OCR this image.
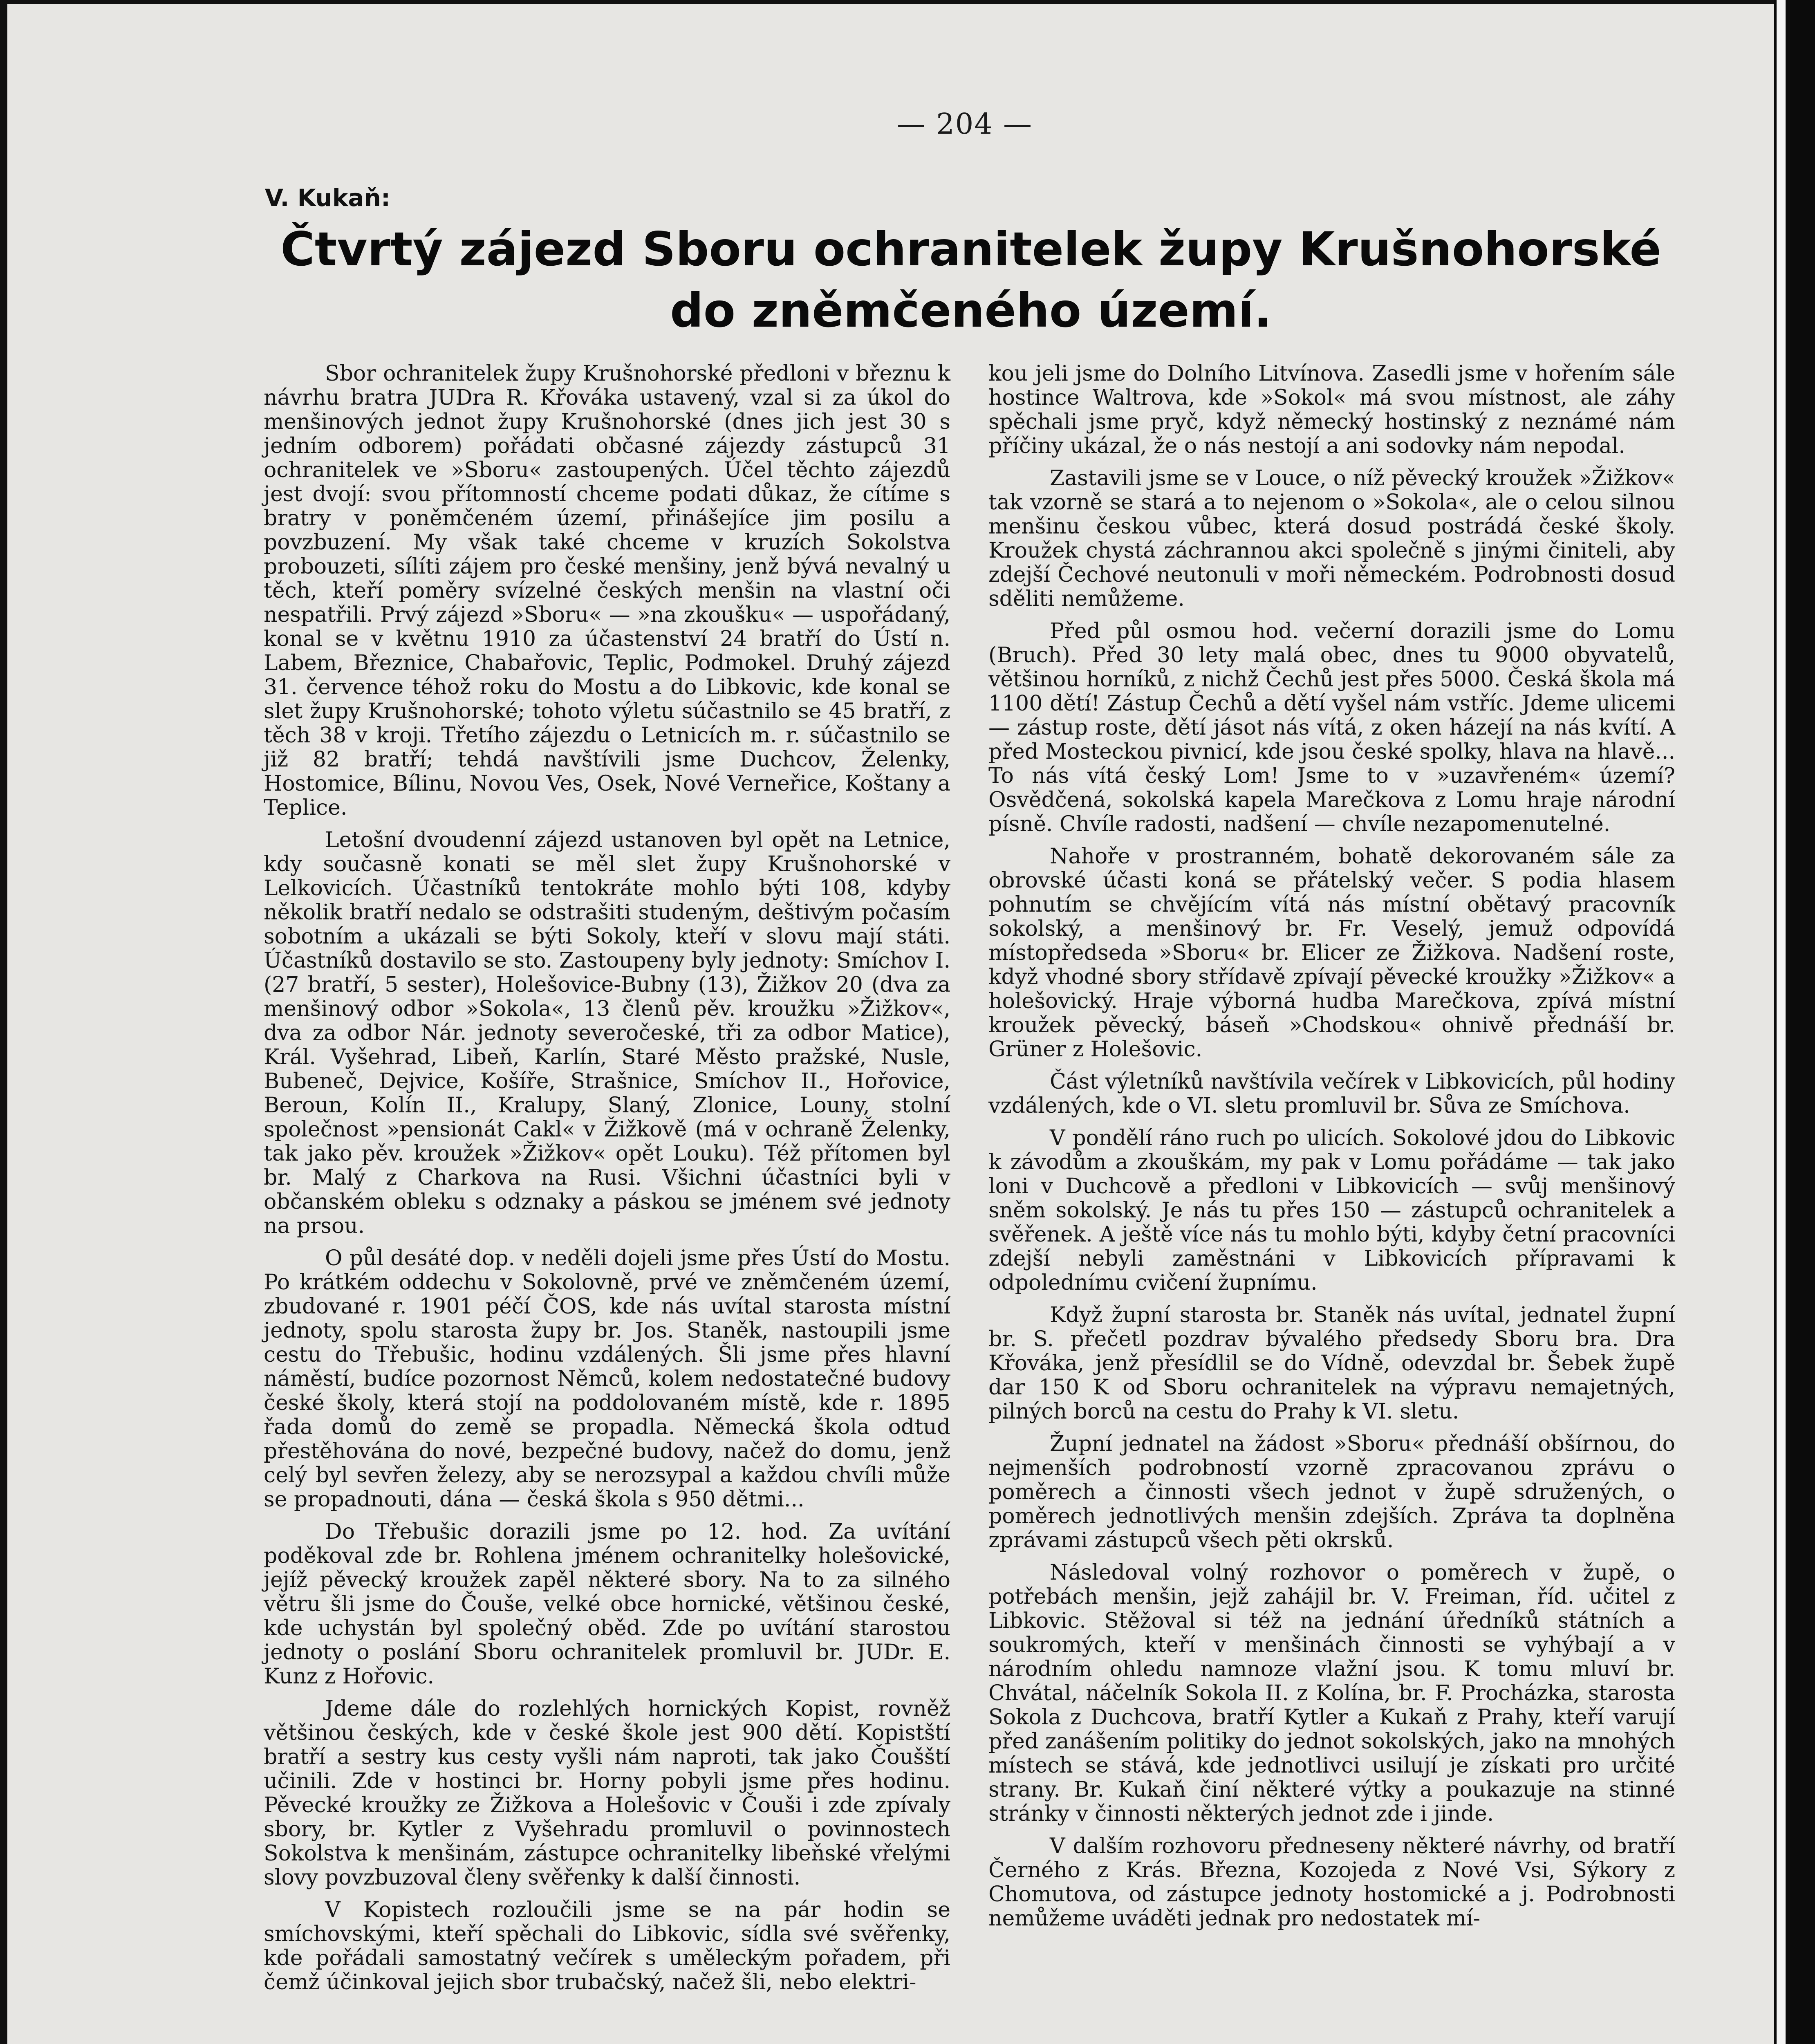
— 204 —
V. Kukaň:
Čtvrtý zájezd Sboru ochranitelek župy Krušnohorské do zněmčeného území.

Sbor ochranitelek župy Krušnohorské předloni v březnu k návrhu bratra JUDra R. Křováka ustavený, vzal si za úkol do menšinových jednot župy Krušnohorské (dnes jich jest 30 s jedním odborem) pořádati občasné zájezdy zástupců 31 ochranitelek ve »Sboru« zastoupených. Účel těchto zájezdů jest dvojí: svou přítomností chceme podati důkaz, že cítíme s bratry v poněmčeném území, přinášejíce jim posilu a povzbuzení. My však také chceme v kruzích Sokolstva probouzeti, sílíti zájem pro české menšiny, jenž bývá nevalný u těch, kteří poměry svízelné českých menšin na vlastní oči nespatřili. Prvý zájezd »Sboru« — »na zkoušku« — uspořádaný, konal se v květnu 1910 za účastenství 24 bratří do Ústí n. Labem, Březnice, Chabařovic, Teplic, Podmokel. Druhý zájezd 31. července téhož roku do Mostu a do Libkovic, kde konal se slet župy Krušnohorské; tohoto výletu súčastnilo se 45 bratří, z těch 38 v kroji. Třetího zájezdu o Letnicích m. r. súčastnilo se již 82 bratří; tehdá navštívili jsme Duchcov, Želenky, Hostomice, Bílinu, Novou Ves, Osek, Nové Verneřice, Koštany a Teplice.

Letošní dvoudenní zájezd ustanoven byl opět na Letnice, kdy současně konati se měl slet župy Krušnohorské v Lelkovicích. Účastníků tentokráte mohlo býti 108, kdyby několik bratří nedalo se odstrašiti studeným, deštivým počasím sobotním a ukázali se býti Sokoly, kteří v slovu mají státi. Účastníků dostavilo se sto. Zastoupeny byly jednoty: Smíchov I. (27 bratří, 5 sester), Holešovice-Bubny (13), Žižkov 20 (dva za menšinový odbor »Sokola«, 13 členů pěv. kroužku »Žižkov«, dva za odbor Nár. jednoty severočeské, tři za odbor Matice), Král. Vyšehrad, Libeň, Karlín, Staré Město pražské, Nusle, Bubeneč, Dejvice, Košíře, Strašnice, Smíchov II., Hořovice, Beroun, Kolín II., Kralupy, Slaný, Zlonice, Louny, stolní společnost »pensionát Cakl« v Žižkově (má v ochraně Želenky, tak jako pěv. kroužek »Žižkov« opět Louku). Též přítomen byl br. Malý z Charkova na Rusi. Všichni účastníci byli v občanském obleku s odznaky a páskou se jménem své jednoty na prsou.

O půl desáté dop. v neděli dojeli jsme přes Ústí do Mostu. Po krátkém oddechu v Sokolovně, prvé ve zněmčeném území, zbudované r. 1901 péčí ČOS, kde nás uvítal starosta místní jednoty, spolu starosta župy br. Jos. Staněk, nastoupili jsme cestu do Třebušic, hodinu vzdálených. Šli jsme přes hlavní náměstí, budíce pozornost Němců, kolem nedostatečné budovy české školy, která stojí na poddolovaném místě, kde r. 1895 řada domů do země se propadla. Německá škola odtud přestěhována do nové, bezpečné budovy, načež do domu, jenž celý byl sevřen železy, aby se nerozsypal a každou chvíli může se propadnouti, dána — česká škola s 950 dětmi...

Do Třebušic dorazili jsme po 12. hod. Za uvítání poděkoval zde br. Rohlena jménem ochranitelky holešovické, jejíž pěvecký kroužek zapěl některé sbory. Na to za silného větru šli jsme do Čouše, velké obce hornické, většinou české, kde uchystán byl společný oběd. Zde po uvítání starostou jednoty o poslání Sboru ochranitelek promluvil br. JUDr. E. Kunz z Hořovic.

Jdeme dále do rozlehlých hornických Kopist, rovněž většinou českých, kde v české škole jest 900 dětí. Kopistští bratří a sestry kus cesty vyšli nám naproti, tak jako Čoušští učinili. Zde v hostinci br. Horny pobyli jsme přes hodinu. Pěvecké kroužky ze Žižkova a Holešovic v Čouši i zde zpívaly sbory, br. Kytler z Vyšehradu promluvil o povinnostech Sokolstva k menšinám, zástupce ochranitelky libeňské vřelými slovy povzbuzoval členy svěřenky k další činnosti.

V Kopistech rozloučili jsme se na pár hodin se smíchovskými, kteří spěchali do Libkovic, sídla své svěřenky, kde pořádali samostatný večírek s uměleckým pořadem, při čemž účinkoval jejich sbor trubačský, načež šli, nebo elektri-

kou jeli jsme do Dolního Litvínova. Zasedli jsme v hořením sále hostince Waltrova, kde »Sokol« má svou místnost, ale záhy spěchali jsme pryč, když německý hostinský z neznámé nám příčiny ukázal, že o nás nestojí a ani sodovky nám nepodal.

Zastavili jsme se v Louce, o níž pěvecký kroužek »Žižkov« tak vzorně se stará a to nejenom o »Sokola«, ale o celou silnou menšinu českou vůbec, která dosud postrádá české školy. Kroužek chystá záchrannou akci společně s jinými činiteli, aby zdejší Čechové neutonuli v moři německém. Podrobnosti dosud sděliti nemůžeme.

Před půl osmou hod. večerní dorazili jsme do Lomu (Bruch). Před 30 lety malá obec, dnes tu 9000 obyvatelů, většinou horníků, z nichž Čechů jest přes 5000. Česká škola má 1100 dětí! Zástup Čechů a dětí vyšel nám vstříc. Jdeme ulicemi — zástup roste, dětí jásot nás vítá, z oken házejí na nás kvítí. A před Mosteckou pivnicí, kde jsou české spolky, hlava na hlavě... To nás vítá český Lom! Jsme to v »uzavřeném« území? Osvědčená, sokolská kapela Marečkova z Lomu hraje národní písně. Chvíle radosti, nadšení — chvíle nezapomenutelné.

Nahoře v prostranném, bohatě dekorovaném sále za obrovské účasti koná se přátelský večer. S podia hlasem pohnutím se chvějícím vítá nás místní obětavý pracovník sokolský, a menšinový br. Fr. Veselý, jemuž odpovídá místopředseda »Sboru« br. Elicer ze Žižkova. Nadšení roste, když vhodné sbory střídavě zpívají pěvecké kroužky »Žižkov« a holešovický. Hraje výborná hudba Marečkova, zpívá místní kroužek pěvecký, báseň »Chodskou« ohnivě přednáší br. Grüner z Holešovic.

Část výletníků navštívila večírek v Libkovicích, půl hodiny vzdálených, kde o VI. sletu promluvil br. Sůva ze Smíchova.

V pondělí ráno ruch po ulicích. Sokolové jdou do Libkovic k závodům a zkouškám, my pak v Lomu pořádáme — tak jako loni v Duchcově a předloni v Libkovicích — svůj menšinový sněm sokolský. Je nás tu přes 150 — zástupců ochranitelek a svěřenek. A ještě více nás tu mohlo býti, kdyby četní pracovníci zdejší nebyli zaměstnáni v Libkovicích přípravami k odpolednímu cvičení župnímu.

Když župní starosta br. Staněk nás uvítal, jednatel župní br. S. přečetl pozdrav bývalého předsedy Sboru bra. Dra Křováka, jenž přesídlil se do Vídně, odevzdal br. Šebek župě dar 150 K od Sboru ochranitelek na výpravu nemajetných, pilných borců na cestu do Prahy k VI. sletu.

Župní jednatel na žádost »Sboru« přednáší obšírnou, do nejmenších podrobností vzorně zpracovanou zprávu o poměrech a činnosti všech jednot v župě sdružených, o poměrech jednotlivých menšin zdejších. Zpráva ta doplněna zprávami zástupců všech pěti okrsků.

Následoval volný rozhovor o poměrech v župě, o potřebách menšin, jejž zahájil br. V. Freiman, říd. učitel z Libkovic. Stěžoval si též na jednání úředníků státních a soukromých, kteří v menšinách činnosti se vyhýbají a v národním ohledu namnoze vlažní jsou. K tomu mluví br. Chvátal, náčelník Sokola II. z Kolína, br. F. Procházka, starosta Sokola z Duchcova, bratří Kytler a Kukaň z Prahy, kteří varují před zanášením politiky do jednot sokolských, jako na mnohých místech se stává, kde jednotlivci usilují je získati pro určité strany. Br. Kukaň činí některé výtky a poukazuje na stinné stránky v činnosti některých jednot zde i jinde.

V dalším rozhovoru předneseny některé návrhy, od bratří Černého z Krás. Března, Kozojeda z Nové Vsi, Sýkory z Chomutova, od zástupce jednoty hostomické a j. Podrobnosti nemůžeme uváděti jednak pro nedostatek mí-
